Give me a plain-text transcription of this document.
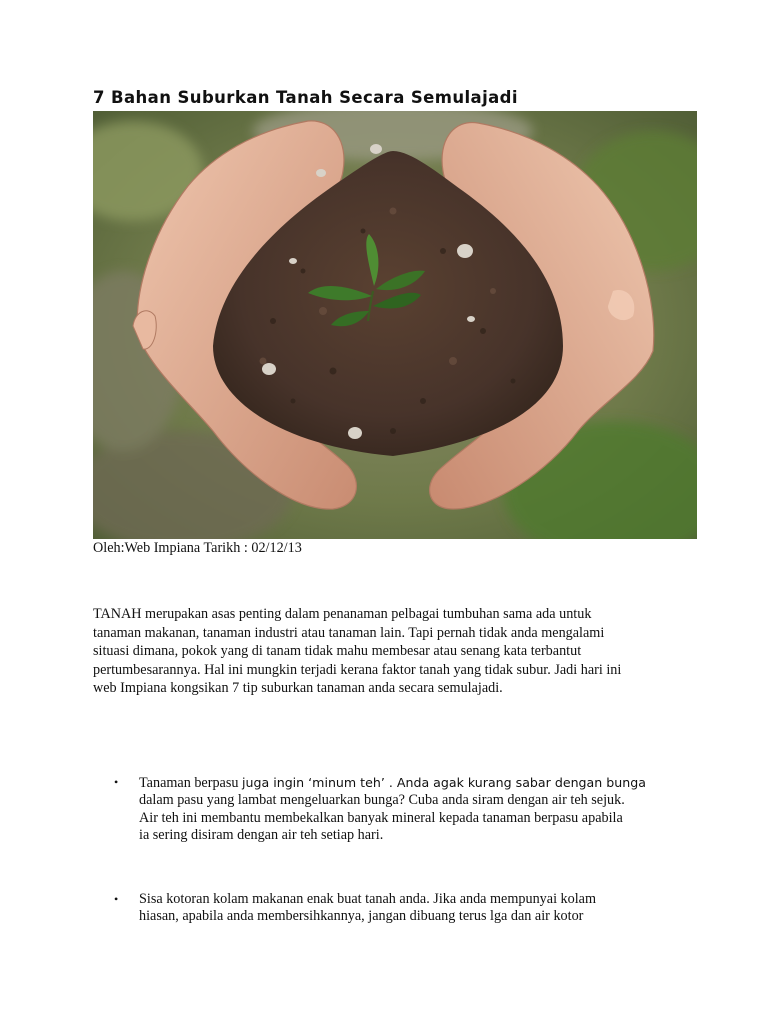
7 Bahan Suburkan Tanah Secara Semulajadi
Oleh:Web Impiana Tarikh : 02/12/13

TANAH merupakan asas penting dalam penanaman pelbagai tumbuhan sama ada untuk
tanaman makanan, tanaman industri atau tanaman lain. Tapi pernah tidak anda mengalami
situasi dimana, pokok yang di tanam tidak mahu membesar atau senang kata terbantut
pertumbesarannya. Hal ini mungkin terjadi kerana faktor tanah yang tidak subur. Jadi hari ini
web Impiana kongsikan 7 tip suburkan tanaman anda secara semulajadi.

• Tanaman berpasu juga ingin ‘minum teh’ . Anda agak kurang sabar dengan bunga
dalam pasu yang lambat mengeluarkan bunga? Cuba anda siram dengan air teh sejuk.
Air teh ini membantu membekalkan banyak mineral kepada tanaman berpasu apabila
ia sering disiram dengan air teh setiap hari.
• Sisa kotoran kolam makanan enak buat tanah anda. Jika anda mempunyai kolam
hiasan, apabila anda membersihkannya, jangan dibuang terus lga dan air kotor
